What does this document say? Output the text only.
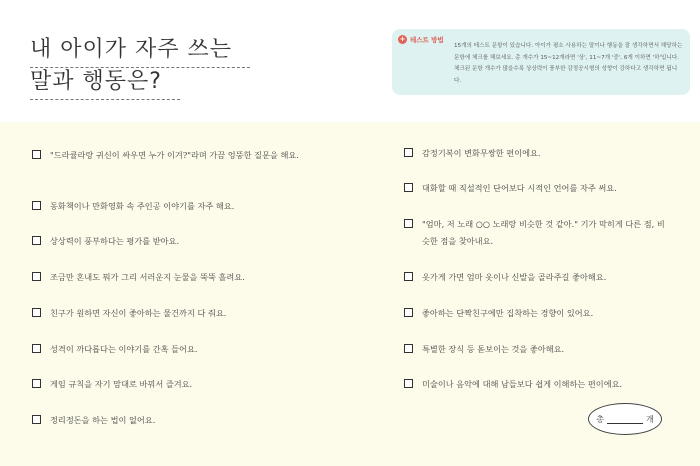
내 아이가 자주 쓰는
말과 행동은?
+ 테스트 방법
15개의 테스트 문항이 있습니다. 아이가 평소 사용하는 말이나 행동을 잘 생각하면서 해당하는 문항에 체크를 해보세요. 총 개수가 15~12개라면 '상', 11~7개 '중', 6개 이하면 '하'입니다. 체크된 문항 개수가 많을수록 상상력이 풍부한 감정공시형의 성향이 강하다고 생각하면 됩니다.
"드라큘라랑 귀신이 싸우면 누가 이겨?"라며 가끔 엉뚱한 질문을 해요.
동화책이나 만화영화 속 주인공 이야기를 자주 해요.
상상력이 풍부하다는 평가를 받아요.
조금만 혼내도 뭐가 그리 서러운지 눈물을 뚝뚝 흘려요.
친구가 원하면 자신이 좋아하는 물건까지 다 줘요.
성격이 까다롭다는 이야기를 간혹 들어요.
게임 규칙을 자기 맘대로 바꿔서 즐겨요.
정리정돈을 하는 법이 없어요.
감정기복이 변화무쌍한 편이에요.
대화할 때 직설적인 단어보다 시적인 언어를 자주 써요.
"엄마, 저 노래 ○○ 노래랑 비슷한 것 같아." 기가 막히게 다른 점, 비슷한 점을 찾아내요.
옷가게 가면 엄마 옷이나 신발을 골라주길 좋아해요.
좋아하는 단짝친구에만 집착하는 경향이 있어요.
특별한 장식 등 돋보이는 것을 좋아해요.
미술이나 음악에 대해 남들보다 쉽게 이해하는 편이에요.
총	개
